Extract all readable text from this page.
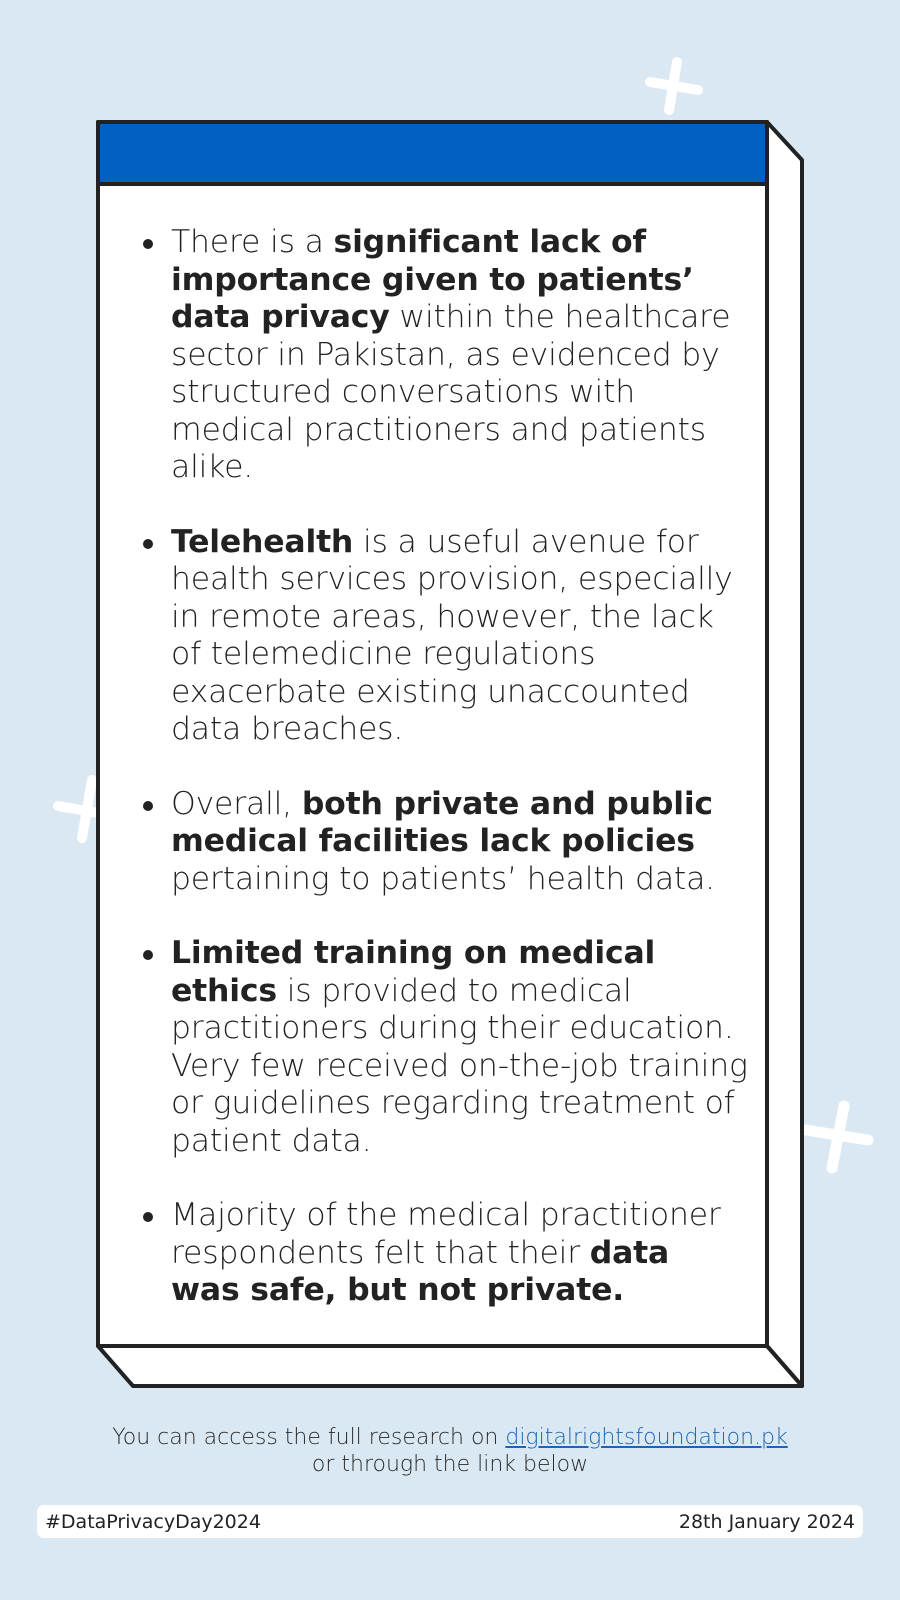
There is a significant lack of importance given to patients’ data privacy within the healthcare sector in Pakistan, as evidenced by structured conversations with medical practitioners and patients alike.
Telehealth is a useful avenue for health services provision, especially in remote areas, however, the lack of telemedicine regulations exacerbate existing unaccounted data breaches.
Overall, both private and public medical facilities lack policies pertaining to patients’ health data.
Limited training on medical ethics is provided to medical practitioners during their education. Very few received on-the-job training or guidelines regarding treatment of patient data.
Majority of the medical practitioner respondents felt that their data was safe, but not private.
You can access the full research on digitalrightsfoundation.pk
or through the link below
#DataPrivacyDay2024	28th January 2024
